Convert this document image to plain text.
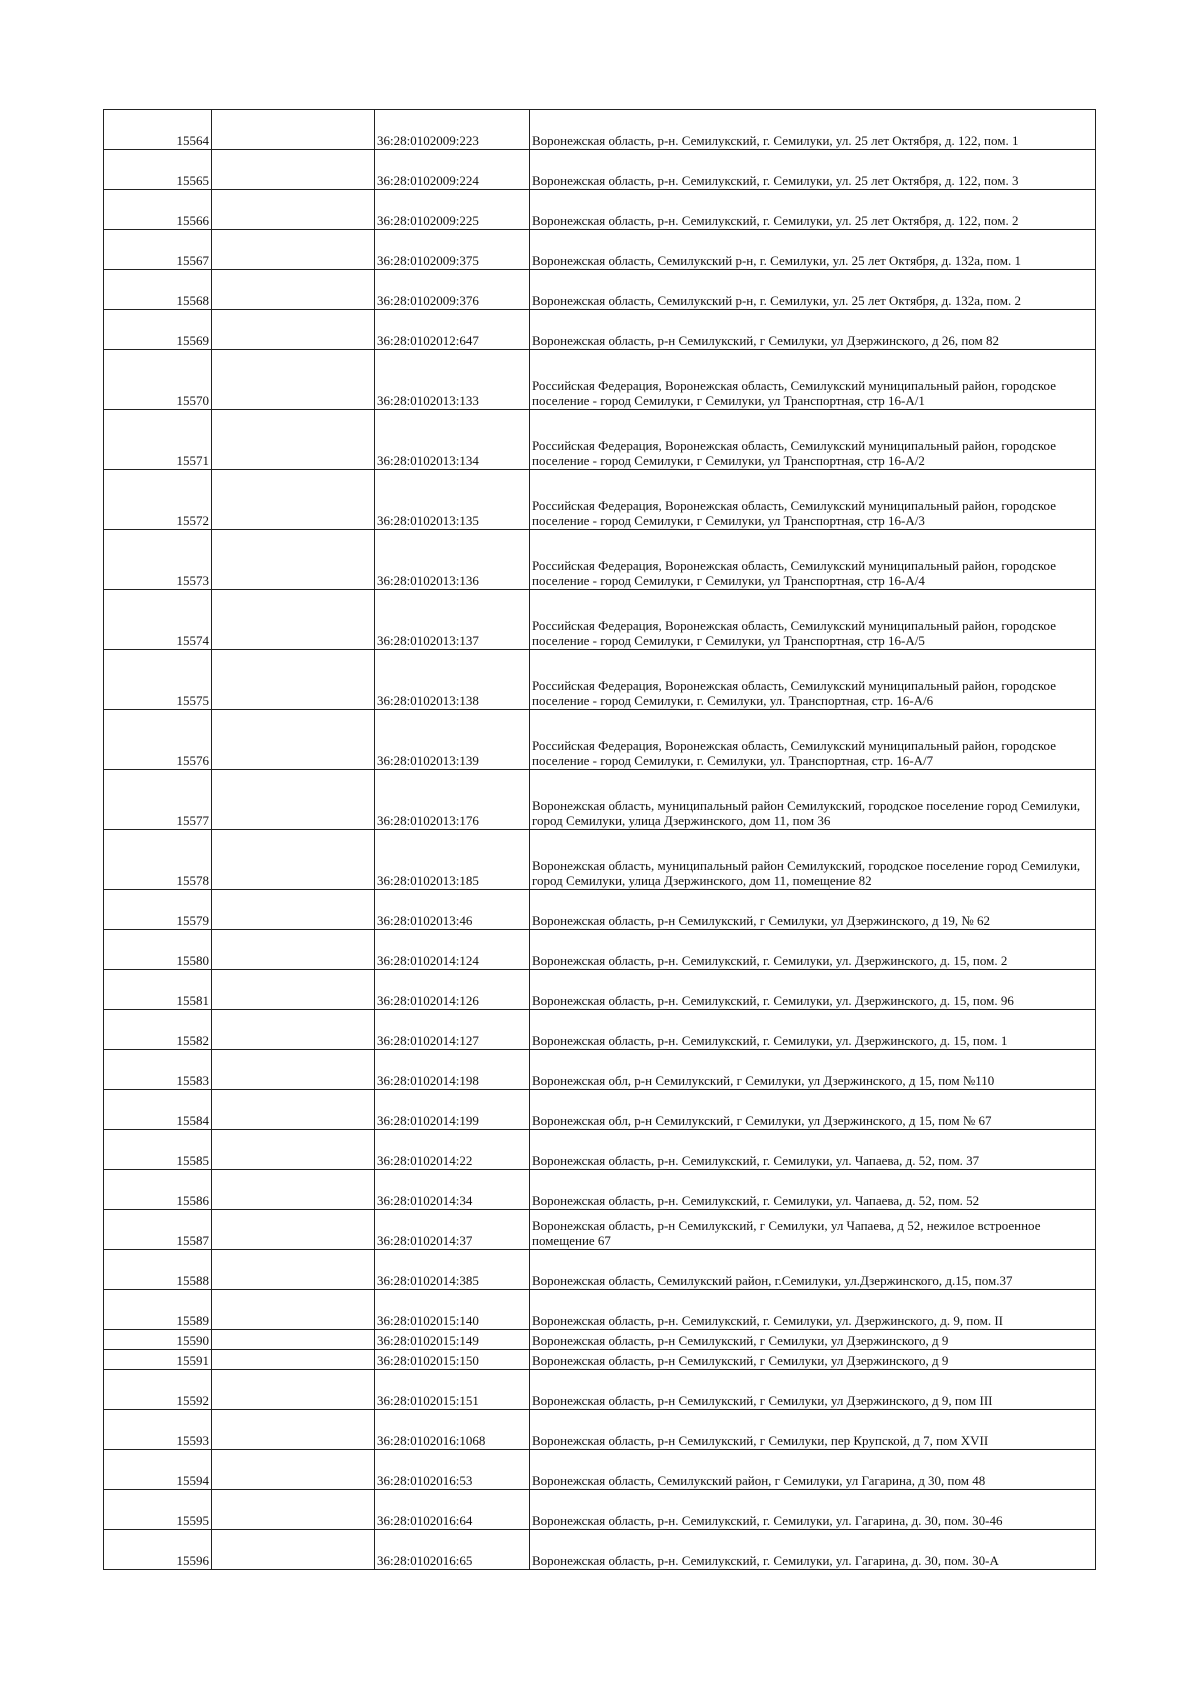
15564		36:28:0102009:223	Воронежская область, р-н. Семилукский, г. Семилуки, ул. 25 лет Октября, д. 122, пом. 1
15565		36:28:0102009:224	Воронежская область, р-н. Семилукский, г. Семилуки, ул. 25 лет Октября, д. 122, пом. 3
15566		36:28:0102009:225	Воронежская область, р-н. Семилукский, г. Семилуки, ул. 25 лет Октября, д. 122, пом. 2
15567		36:28:0102009:375	Воронежская область, Семилукский р-н, г. Семилуки, ул. 25 лет Октября, д. 132а, пом. 1
15568		36:28:0102009:376	Воронежская область, Семилукский р-н, г. Семилуки, ул. 25 лет Октября, д. 132а, пом. 2
15569		36:28:0102012:647	Воронежская область, р-н Семилукский, г Семилуки, ул Дзержинского, д 26, пом 82
15570		36:28:0102013:133	Российская Федерация, Воронежская область, Семилукский муниципальный район, городское поселение - город Семилуки, г Семилуки, ул Транспортная, стр 16-А/1
15571		36:28:0102013:134	Российская Федерация, Воронежская область, Семилукский муниципальный район, городское поселение - город Семилуки, г Семилуки, ул Транспортная, стр 16-А/2
15572		36:28:0102013:135	Российская Федерация, Воронежская область, Семилукский муниципальный район, городское поселение - город Семилуки, г Семилуки, ул Транспортная, стр 16-А/3
15573		36:28:0102013:136	Российская Федерация, Воронежская область, Семилукский муниципальный район, городское поселение - город Семилуки, г Семилуки, ул Транспортная, стр 16-А/4
15574		36:28:0102013:137	Российская Федерация, Воронежская область, Семилукский муниципальный район, городское поселение - город Семилуки, г Семилуки, ул Транспортная, стр 16-А/5
15575		36:28:0102013:138	Российская Федерация, Воронежская область, Семилукский муниципальный район, городское поселение - город Семилуки, г. Семилуки, ул. Транспортная, стр. 16-А/6
15576		36:28:0102013:139	Российская Федерация, Воронежская область, Семилукский муниципальный район, городское поселение - город Семилуки, г. Семилуки, ул. Транспортная, стр. 16-А/7
15577		36:28:0102013:176	Воронежская область, муниципальный район Семилукский, городское поселение город Семилуки, город Семилуки, улица Дзержинского, дом 11, пом 36
15578		36:28:0102013:185	Воронежская область, муниципальный район Семилукский, городское поселение город Семилуки, город Семилуки, улица Дзержинского, дом 11, помещение 82
15579		36:28:0102013:46	Воронежская область, р-н Семилукский, г Семилуки, ул Дзержинского, д 19, № 62
15580		36:28:0102014:124	Воронежская область, р-н. Семилукский, г. Семилуки, ул. Дзержинского, д. 15, пом. 2
15581		36:28:0102014:126	Воронежская область, р-н. Семилукский, г. Семилуки, ул. Дзержинского, д. 15, пом. 96
15582		36:28:0102014:127	Воронежская область, р-н. Семилукский, г. Семилуки, ул. Дзержинского, д. 15, пом. 1
15583		36:28:0102014:198	Воронежская обл, р-н Семилукский, г Семилуки, ул Дзержинского, д 15, пом №110
15584		36:28:0102014:199	Воронежская обл, р-н Семилукский, г Семилуки, ул Дзержинского, д 15, пом № 67
15585		36:28:0102014:22	Воронежская область, р-н. Семилукский, г. Семилуки, ул. Чапаева, д. 52, пом. 37
15586		36:28:0102014:34	Воронежская область, р-н. Семилукский, г. Семилуки, ул. Чапаева, д. 52, пом. 52
15587		36:28:0102014:37	Воронежская область, р-н Семилукский, г Семилуки, ул Чапаева, д 52, нежилое встроенное помещение 67
15588		36:28:0102014:385	Воронежская область, Семилукский район, г.Семилуки, ул.Дзержинского, д.15, пом.37
15589		36:28:0102015:140	Воронежская область, р-н. Семилукский, г. Семилуки, ул. Дзержинского, д. 9, пом. II
15590		36:28:0102015:149	Воронежская область, р-н Семилукский, г Семилуки, ул Дзержинского, д 9
15591		36:28:0102015:150	Воронежская область, р-н Семилукский, г Семилуки, ул Дзержинского, д 9
15592		36:28:0102015:151	Воронежская область, р-н Семилукский, г Семилуки, ул Дзержинского, д 9, пом III
15593		36:28:0102016:1068	Воронежская область, р-н Семилукский, г Семилуки, пер Крупской, д 7, пом XVII
15594		36:28:0102016:53	Воронежская область, Семилукский район, г Семилуки, ул Гагарина, д 30, пом 48
15595		36:28:0102016:64	Воронежская область, р-н. Семилукский, г. Семилуки, ул. Гагарина, д. 30, пом. 30-46
15596		36:28:0102016:65	Воронежская область, р-н. Семилукский, г. Семилуки, ул. Гагарина, д. 30, пом. 30-А
